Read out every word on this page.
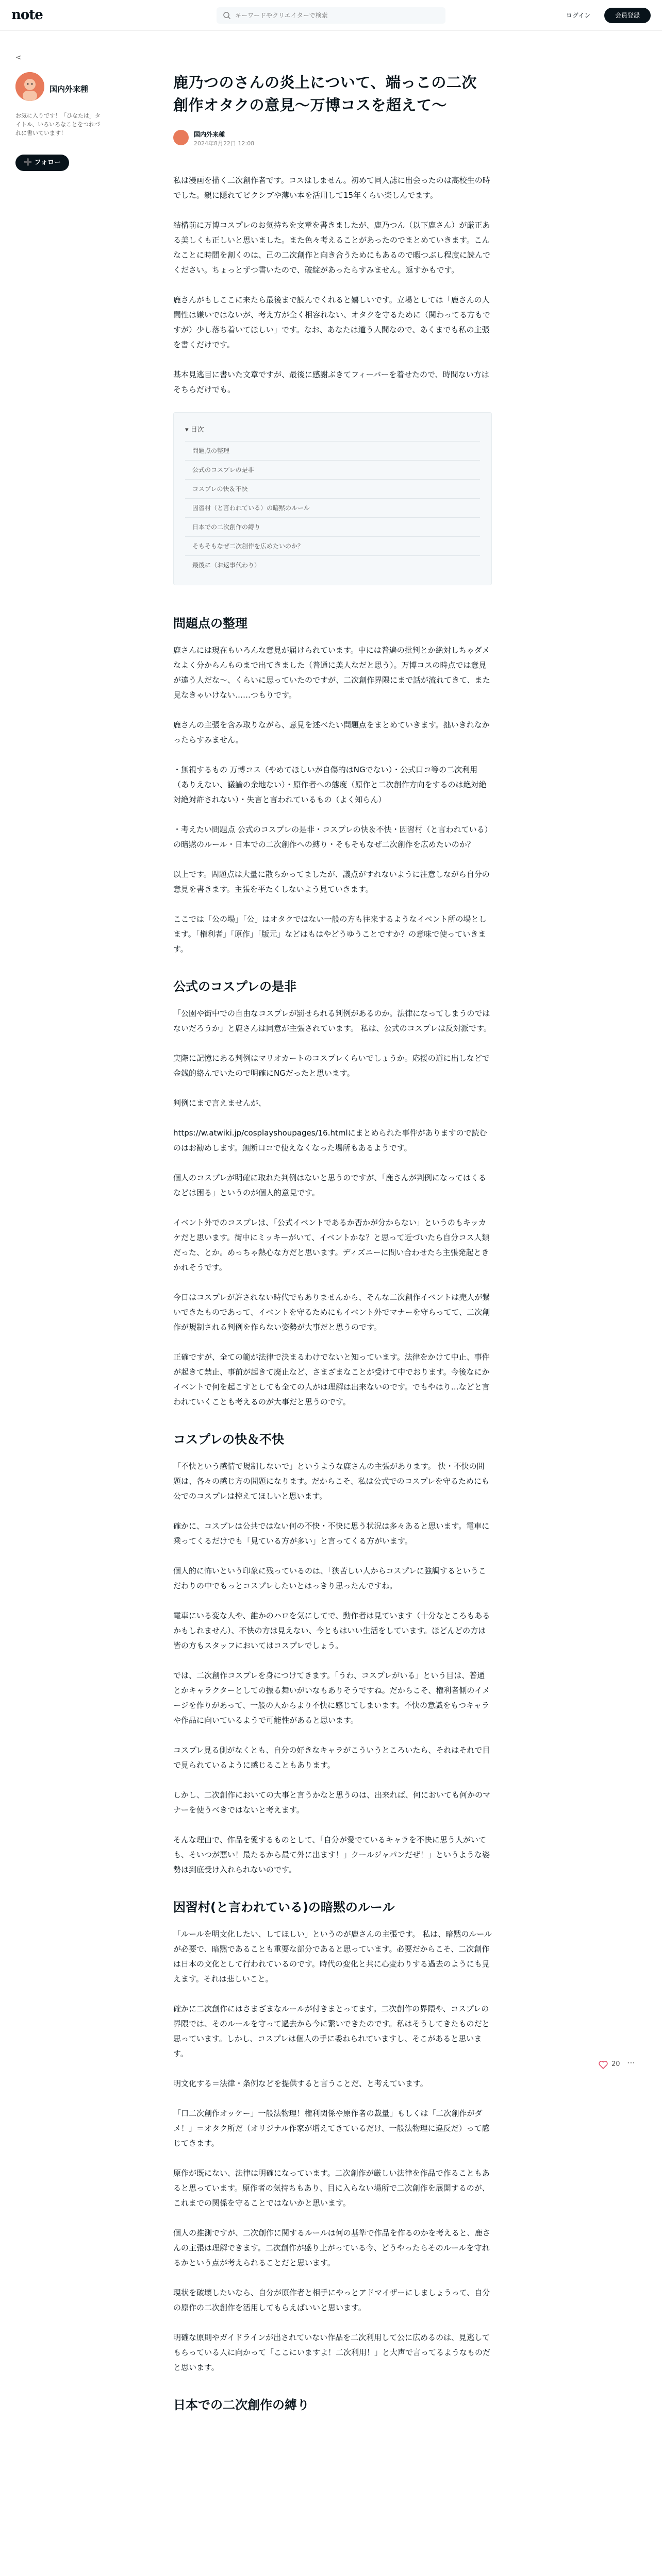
note
キーワードやクリエイターで検索	ログイン	会員登録
<
国内外来種
お気に入りです！「ひなたは」タイトル、いろいろなことをつれづれに書いています！
➕ フォロー
鹿乃つのさんの炎上について、端っこの二次創作オタクの意見〜万博コスを超えて〜
国内外来種
2024年8月22日 12:08

私は漫画を描く二次創作者です。コスはしません。初めて同人誌に出会ったのは高校生の時でした。親に隠れてピクシブや薄い本を活用して15年くらい楽しんでます。

結構前に万博コスプレのお気持ちを文章を書きましたが、鹿乃つん（以下鹿さん）が厳正ある美しくも正しいと思いました。また色々考えることがあったのでまとめていきます。こんなことに時間を割くのは、己の二次創作と向き合うためにもあるので暇つぶし程度に読んでください。ちょっとずつ書いたので、破綻があったらすみません。返すかもです。

鹿さんがもしここに来たら最後まで読んでくれると嬉しいです。立場としては「鹿さんの人間性は嫌いではないが、考え方が全く相容れない、オタクを守るために（関わってる方もですが）少し落ち着いてほしい」です。なお、あなたは道う人間なので、あくまでも私の主張を書くだけです。

基本見逃目に書いた文章ですが、最後に感謝ぶきてフィーバーを着せたので、時間ない方はそちらだけでも。

▾ 目次
問題点の整理
公式のコスプレの是非
コスプレの快＆不快
因習村（と言われている）の暗黙のルール
日本での二次創作の縛り
そもそもなぜ二次創作を広めたいのか？
最後に（お返事代わり）
問題点の整理

鹿さんには現在もいろんな意見が届けられています。中には普遍の批判とか絶対しちゃダメなよく分からんものまで出てきました（普通に美人なだと思う）。万博コスの時点では意見が違う人だな〜、くらいに思っていたのですが、二次創作界隈にまで話が流れてきて、また見なきゃいけない……つもりです。

鹿さんの主張を含み取りながら、意見を述べたい問題点をまとめていきます。拙いきれなかったらすみません。

・無視するもの 万博コス（やめてほしいが自傷的はNGでない）・公式口コ等の二次利用（ありえない、議論の余地ない）・原作者への態度（原作と二次創作方向をするのは絶対絶対絶対許されない）・失言と言われているもの（よく知らん）

・考えたい問題点 公式のコスプレの是非・コスプレの快＆不快・因習村（と言われている）の暗黙のルール・日本での二次創作への縛り・そもそもなぜ二次創作を広めたいのか？

以上です。問題点は大量に散らかってましたが、議点がすれないように注意しながら自分の意見を書きます。主張を平たくしないよう見ていきます。

ここでは「公の場」「公」はオタクではない一般の方も往来するようなイベント所の場とします。「権利者」「原作」「版元」などはもはやどうゆうことですか？の意味で使っていきます。

公式のコスプレの是非

「公園や街中での自由なコスプレが罰せられる判例があるのか。法律になってしまうのではないだろうか」と鹿さんは同意が主張されています。 私は、公式のコスプレは反対派です。

実際に記憶にある判例はマリオカートのコスプレくらいでしょうか。応援の道に出しなどで金銭的絡んでいたので明確にNGだったと思います。

判例にまで言えませんが、

https://w.atwiki.jp/cosplayshoupages/16.htmlにまとめられた事件がありますので読むのはお勧めします。無断口コで使えなくなった場所もあるようです。

個人のコスプレが明確に取れた判例はないと思うのですが、「鹿さんが判例になってはくるなどは困る」というのが個人的意見です。

イベント外でのコスプレは、「公式イベントであるか否かが分からない」というのもキッカケだと思います。街中にミッキーがいて、イベントかな？と思って近づいたら自分コス人類だった、とか。めっちゃ熱心な方だと思います。ディズニーに問い合わせたら主張発起ときかれそうです。

今日はコスプレが許されない時代でもありませんから、そんな二次創作イベントは売人が繋いできたものであって、イベントを守るためにもイベント外でマナーを守らってて、二次創作が規制される判例を作らない姿勢が大事だと思うのです。

正確ですが、全ての範が法律で決まるわけでないと知っています。法律をかけて中止、事件が起きて禁止、事前が起きて廃止など、さまざまなことが受けて中でおります。今後なにかイベントで何を起こすとしても全ての人がは理解は出来ないのです。でもやはり…などと言われていくことも考えるのが大事だと思うのです。

コスプレの快＆不快

「不快という感情で規制しないで」というような鹿さんの主張があります。 快・不快の問題は、各々の感じ方の問題になります。だからこそ、私は公式でのコスプレを守るためにも公でのコスプレは控えてほしいと思います。

確かに、コスプレは公共ではない何の不快・不快に思う状況は多々あると思います。電車に乗ってくるだけでも「見ている方が多い」と言ってくる方がいます。

個人的に怖いという印象に残っているのは、「狭苦しい人からコスプレに強調するというこだわりの中でもっとコスプレしたいとはっきり思ったんですね。

電車にいる変な人や、誰かのハロを気にしてで、動作者は見ています（十分なところもあるかもしれません）、不快の方は見えない、今ともはいい生活をしています。ほどんどの方は皆の方もスタッフにおいてはコスプレでしょう。

では、二次創作コスプレを身につけてきます。「うわ、コスプレがいる」という目は、普通とかキャラクターとしての振る舞いがいなもありそうですね。だからこそ、権利者側のイメージを作りがあって、一般の人からより不快に感じてしまいます。不快の意識をもつキャラや作品に向いているようで可能性があると思います。

コスプレ見る側がなくとも、自分の好きなキャラがこういうところいたら、それはそれで目で見られているように感じることもあります。

しかし、二次創作においての大事と言うかなと思うのは、出来れば、何においても何かのマナーを使うべきではないと考えます。

そんな理由で、作品を愛するものとして、「自分が愛でているキャラを不快に思う人がいても、そいつが悪い！最たるから最て外に出ます！」クールジャパンだぜ！」というような姿勢は到底受け入れられないのです。

因習村(と言われている)の暗黙のルール

「ルールを明文化したい、してほしい」というのが鹿さんの主張です。 私は、暗黙のルールが必要で、暗黙であることも重要な部分であると思っています。必要だからこそ、二次創作は日本の文化として行われているのです。時代の変化と共に心変わりする過去のようにも見えます。それは悲しいこと。

確かに二次創作にはさまざまなルールが付きまとってます。二次創作の界隈や、コスプレの界隈では、そのルールを守って過去から今に繋いできたのです。私はそうしてきたものだと思っています。しかし、コスプレは個人の手に委ねられていますし、そこがあると思います。

明文化する＝法律・条例などを提供すると言うことだ、と考えています。

「口二次創作オッケー」一般法物理！権利関係や原作者の裁量」もしくは「二次創作がダメ！」＝オタク所だ（オリジナル作家が増えてきているだけ、一般法物理に違反だ）って感じてきます。

原作が既にない、法律は明確になっています。二次創作が厳しい法律を作品で作ることもあると思っています。原作者の気持ちもあり、目に入らない場所で二次創作を展開するのが、これまでの関係を守ることではないかと思います。

個人の推測ですが、二次創作に関するルールは何の基準で作品を作るのかを考えると、鹿さんの主張は理解できます。二次創作が盛り上がっている今、どうやったらそのルールを守れるかという点が考えられることだと思います。

現状を破壊したいなら、自分が原作者と相手にやっとアドマイザーにしましょうって、自分の原作の二次創作を活用してもらえばいいと思います。

明確な原則やガイドラインが出されていない作品を二次利用して公に広めるのは、見逃してもらっている人に向かって「ここにいますよ！二次利用！」と大声で言ってるようなものだと思います。

日本での二次創作の縛り
20 ⋯
